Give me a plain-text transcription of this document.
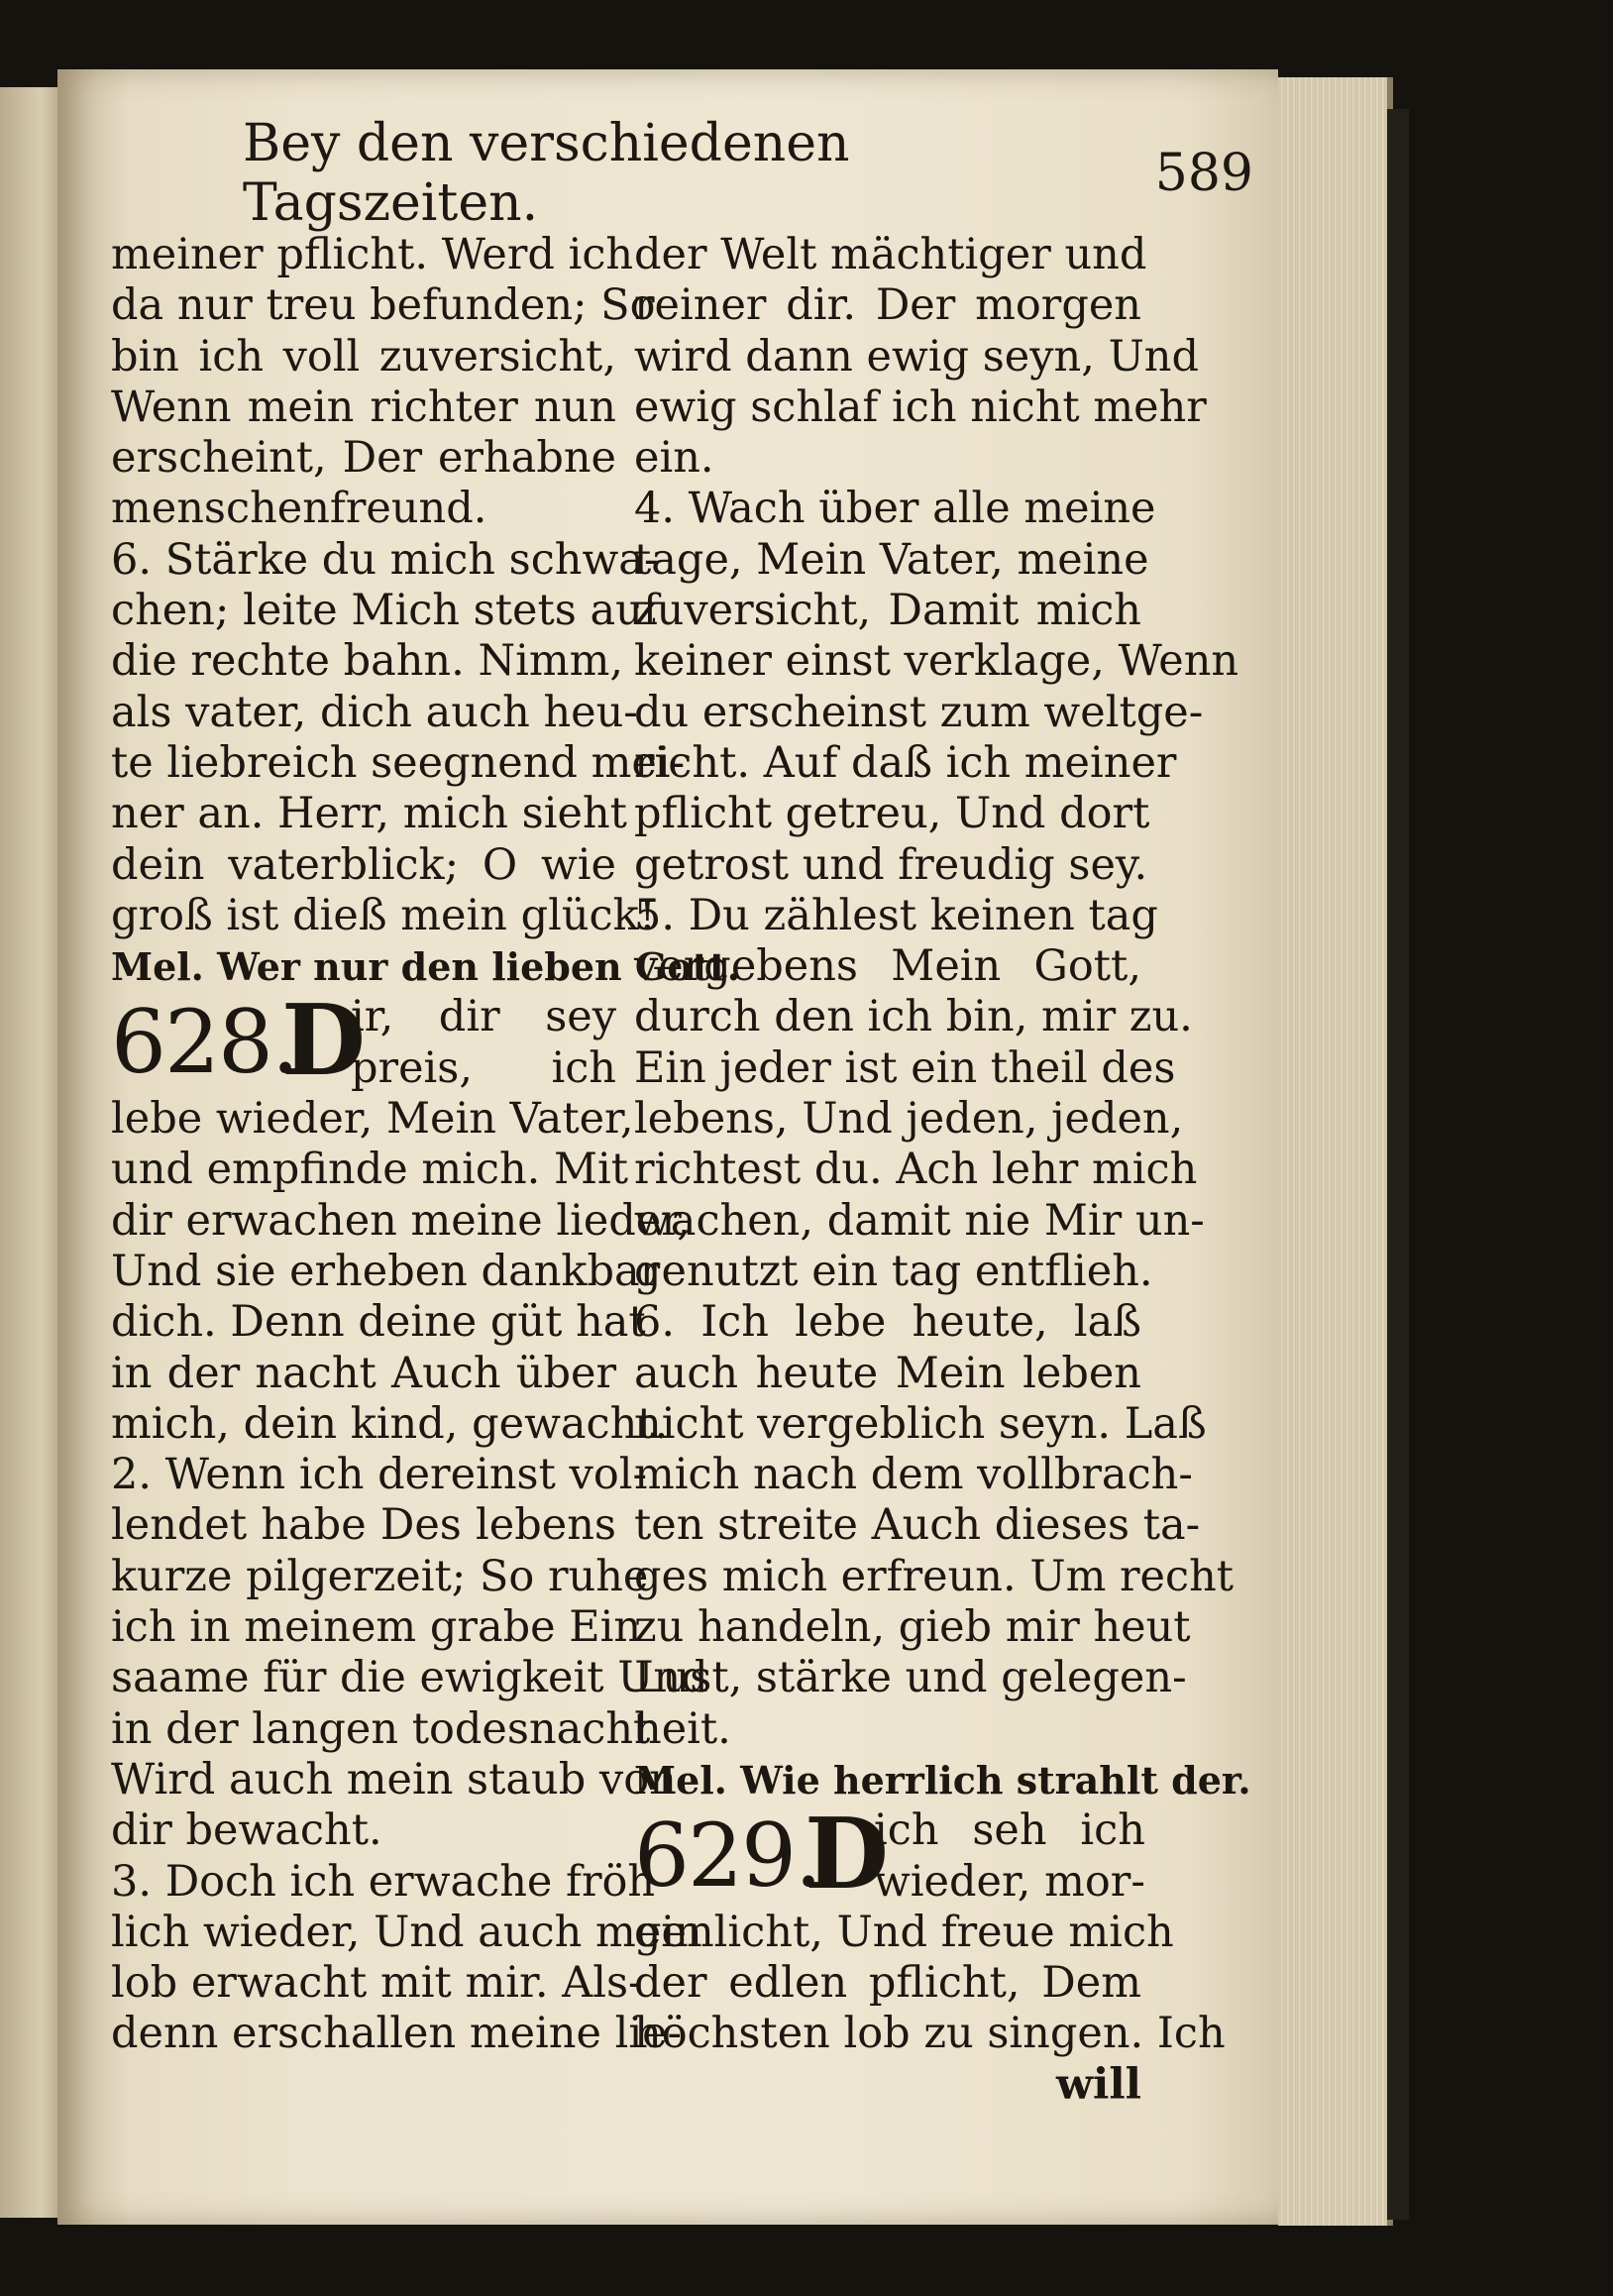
Bey den verschiedenen Tagszeiten.	589
meiner pflicht. Werd ich
da nur treu befunden; So
bin ich voll zuversicht,
Wenn mein richter nun
erscheint, Der erhabne
menschenfreund.
6. Stärke du mich schwa-
chen; leite Mich stets auf
die rechte bahn. Nimm,
als vater, dich auch heu-
te liebreich seegnend mei-
ner an. Herr, mich sieht
dein vaterblick; O wie
groß ist dieß mein glück!
Mel. Wer nur den lieben Gott.
628.
D
ir, dir sey
preis, ich
lebe wieder, Mein Vater,
und empfinde mich. Mit
dir erwachen meine lieder,
Und sie erheben dankbar
dich. Denn deine güt hat
in der nacht Auch über
mich, dein kind, gewacht.
2. Wenn ich dereinst vol-
lendet habe Des lebens
kurze pilgerzeit; So ruhe
ich in meinem grabe Ein
saame für die ewigkeit Und
in der langen todesnacht
Wird auch mein staub von
dir bewacht.
3. Doch ich erwache fröh-
lich wieder, Und auch mein
lob erwacht mit mir. Als-
denn erschallen meine lie-
der Welt mächtiger und
reiner dir. Der morgen
wird dann ewig seyn, Und
ewig schlaf ich nicht mehr
ein.
4. Wach über alle meine
tage, Mein Vater, meine
zuversicht, Damit mich
keiner einst verklage, Wenn
du erscheinst zum weltge-
richt. Auf daß ich meiner
pflicht getreu, Und dort
getrost und freudig sey.
5. Du zählest keinen tag
vergebens Mein Gott,
durch den ich bin, mir zu.
Ein jeder ist ein theil des
lebens, Und jeden, jeden,
richtest du. Ach lehr mich
wachen, damit nie Mir un-
genutzt ein tag entflieh.
6. Ich lebe heute, laß
auch heute Mein leben
nicht vergeblich seyn. Laß
mich nach dem vollbrach-
ten streite Auch dieses ta-
ges mich erfreun. Um recht
zu handeln, gieb mir heut
Lust, stärke und gelegen-
heit.
Mel. Wie herrlich strahlt der.
629.
D
ich seh ich
wieder, mor-
genlicht, Und freue mich
der edlen pflicht, Dem
höchsten lob zu singen. Ich
will
